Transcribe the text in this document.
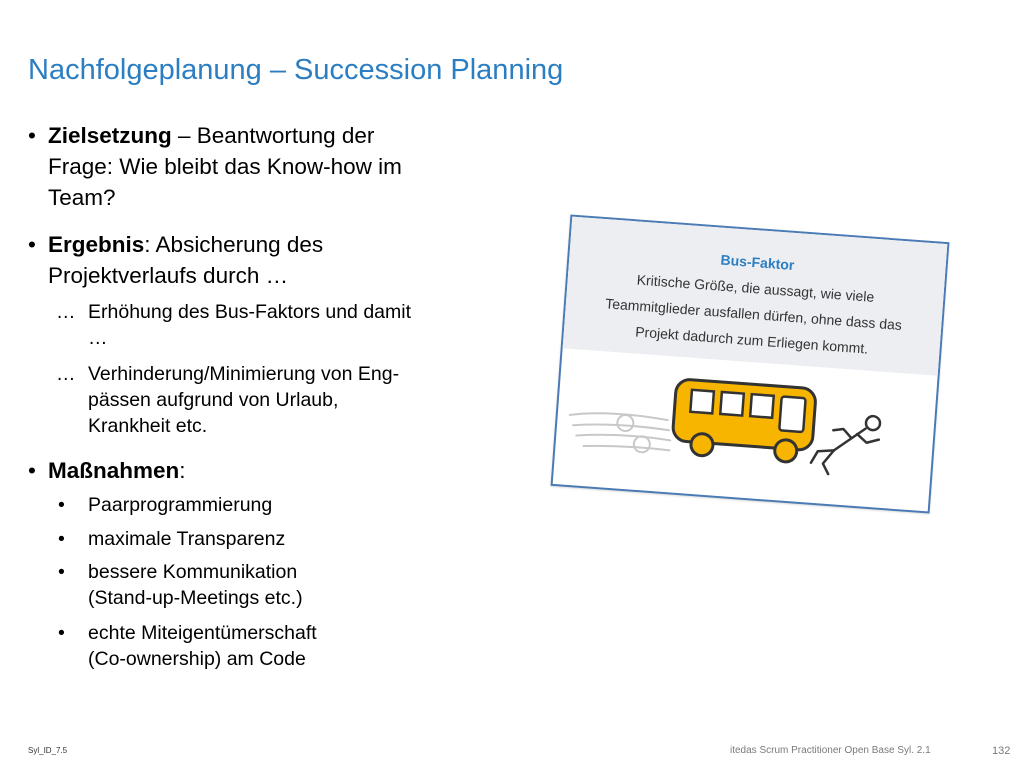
Nachfolgeplanung – Succession Planning
• Zielsetzung – Beantwortung der
Frage: Wie bleibt das Know-how im
Team?
• Ergebnis: Absicherung des
Projektverlaufs durch …
… Erhöhung des Bus-Faktors und damit
…
… Verhinderung/Minimierung von Eng-
pässen aufgrund von Urlaub,
Krankheit etc.
• Maßnahmen:
• Paarprogrammierung
• maximale Transparenz
• bessere Kommunikation
(Stand-up-Meetings etc.)
• echte Miteigentümerschaft
(Co-ownership) am Code
Bus-Faktor
Kritische Größe, die aussagt, wie viele
Teammitglieder ausfallen dürfen, ohne dass das
Projekt dadurch zum Erliegen kommt.
Syl_ID_7.5	itedas Scrum Practitioner Open Base Syl. 2.1	132
